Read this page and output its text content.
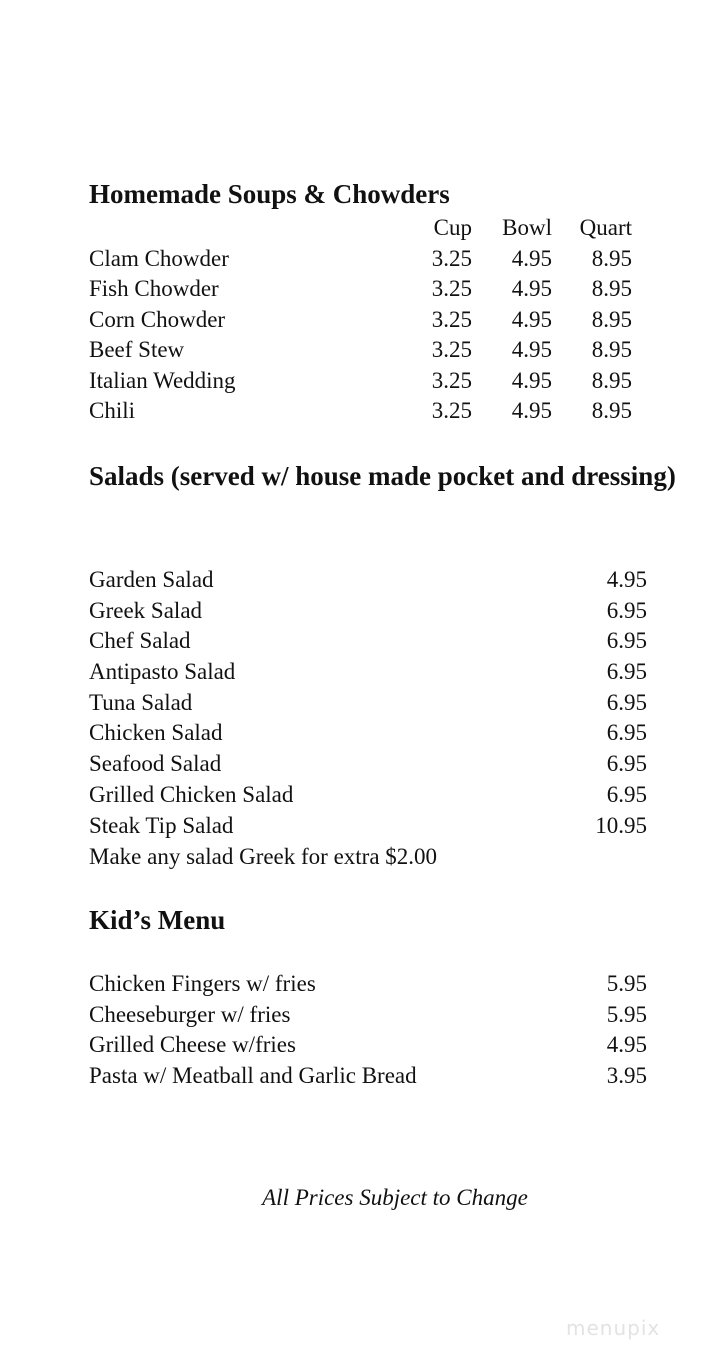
Homemade Soups & Chowders
Cup	Bowl	Quart
Clam Chowder	3.25	4.95	8.95
Fish Chowder	3.25	4.95	8.95
Corn Chowder	3.25	4.95	8.95
Beef Stew	3.25	4.95	8.95
Italian Wedding	3.25	4.95	8.95
Chili	3.25	4.95	8.95
Salads (served w/ house made pocket and dressing)
Garden Salad	4.95
Greek Salad	6.95
Chef Salad	6.95
Antipasto Salad	6.95
Tuna Salad	6.95
Chicken Salad	6.95
Seafood Salad	6.95
Grilled Chicken Salad	6.95
Steak Tip Salad	10.95
Make any salad Greek for extra $2.00
Kid’s Menu
Chicken Fingers w/ fries	5.95
Cheeseburger w/ fries	5.95
Grilled Cheese w/fries	4.95
Pasta w/ Meatball and Garlic Bread	3.95
All Prices Subject to Change
menupix
